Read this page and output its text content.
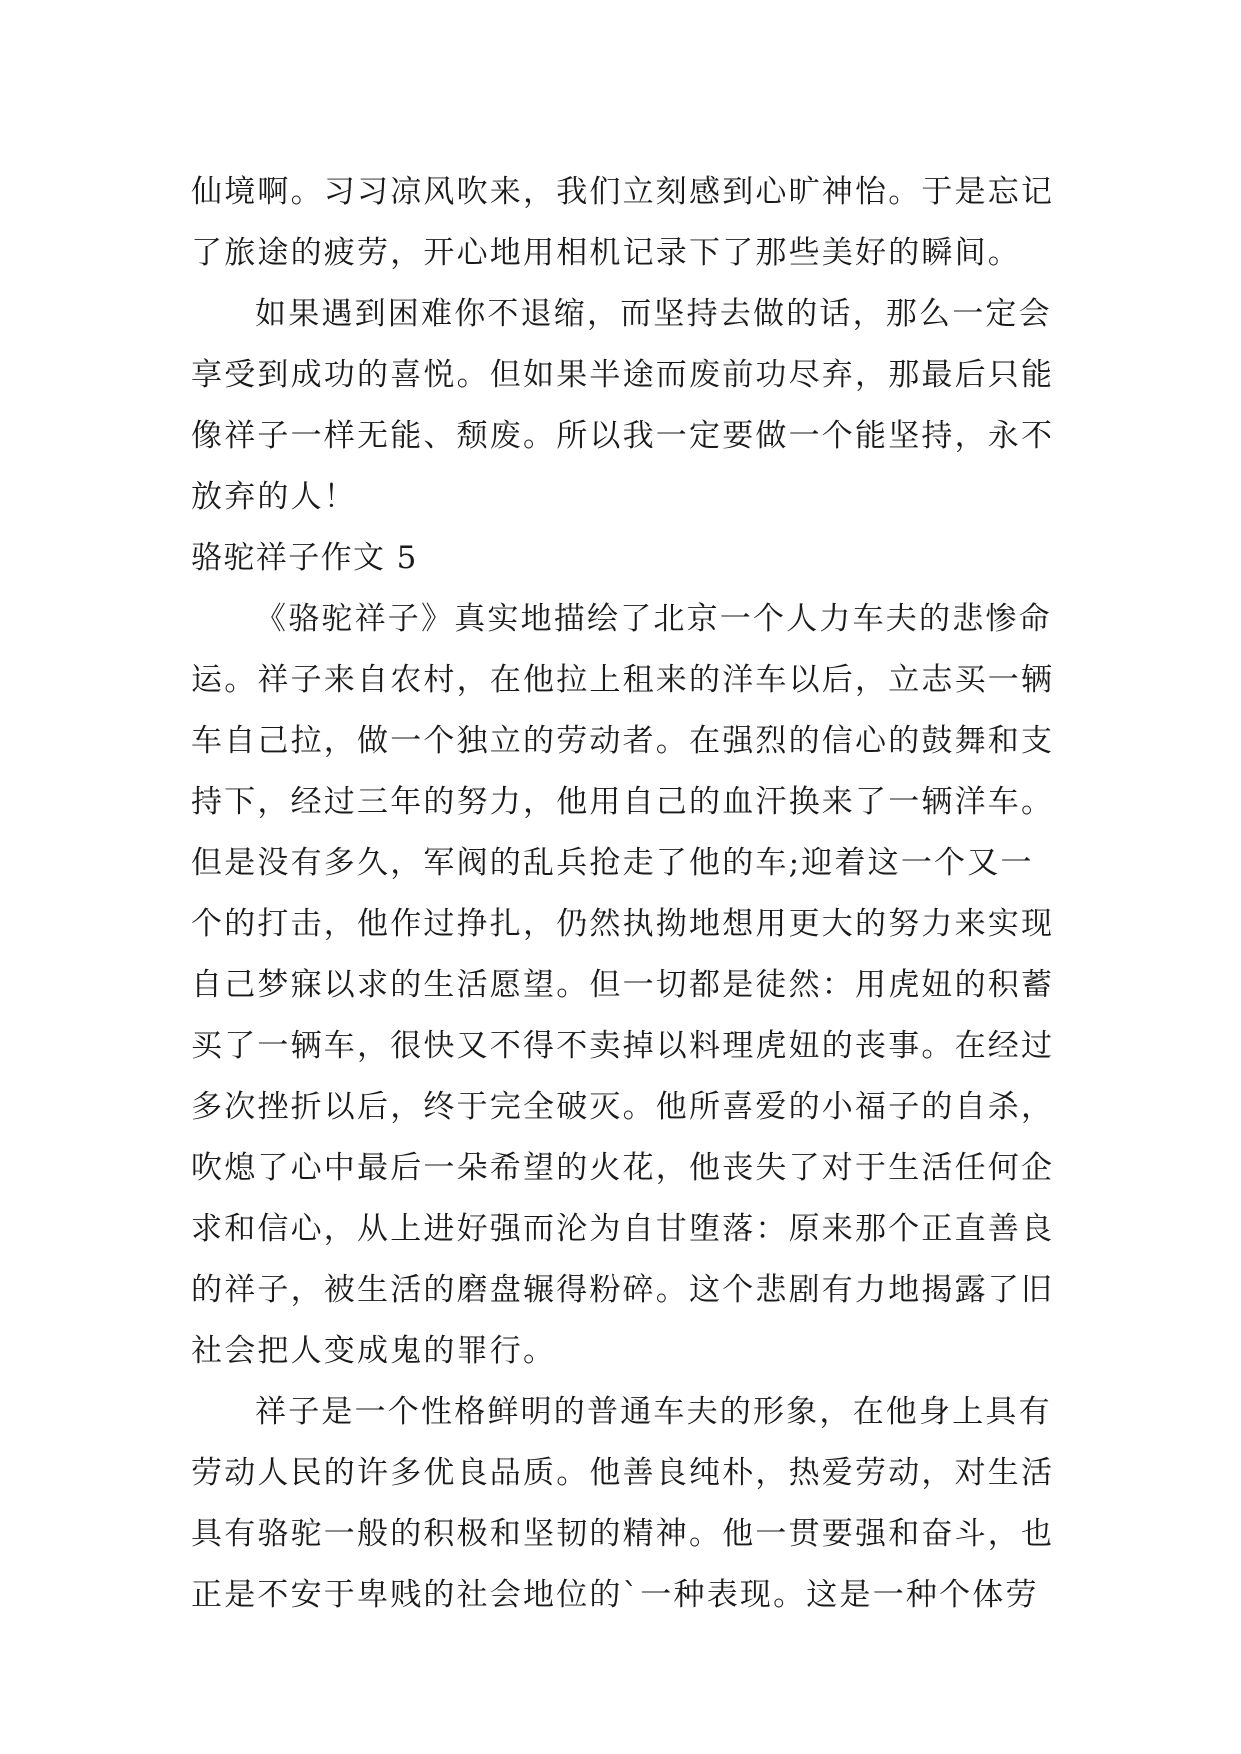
仙境啊。习习凉风吹来，我们立刻感到心旷神怡。于是忘记
了旅途的疲劳，开心地用相机记录下了那些美好的瞬间。
如果遇到困难你不退缩，而坚持去做的话，那么一定会
享受到成功的喜悦。但如果半途而废前功尽弃，那最后只能
像祥子一样无能、颓废。所以我一定要做一个能坚持，永不
放弃的人！
骆驼祥子作文 5
《骆驼祥子》真实地描绘了北京一个人力车夫的悲惨命
运。祥子来自农村，在他拉上租来的洋车以后，立志买一辆
车自己拉，做一个独立的劳动者。在强烈的信心的鼓舞和支
持下，经过三年的努力，他用自己的血汗换来了一辆洋车。
但是没有多久，军阀的乱兵抢走了他的车;迎着这一个又一
个的打击，他作过挣扎，仍然执拗地想用更大的努力来实现
自己梦寐以求的生活愿望。但一切都是徒然：用虎妞的积蓄
买了一辆车，很快又不得不卖掉以料理虎妞的丧事。在经过
多次挫折以后，终于完全破灭。他所喜爱的小福子的自杀，
吹熄了心中最后一朵希望的火花，他丧失了对于生活任何企
求和信心，从上进好强而沦为自甘堕落：原来那个正直善良
的祥子，被生活的磨盘辗得粉碎。这个悲剧有力地揭露了旧
社会把人变成鬼的罪行。
祥子是一个性格鲜明的普通车夫的形象，在他身上具有
劳动人民的许多优良品质。他善良纯朴，热爱劳动，对生活
具有骆驼一般的积极和坚韧的精神。他一贯要强和奋斗，也
正是不安于卑贱的社会地位的`一种表现。这是一种个体劳
